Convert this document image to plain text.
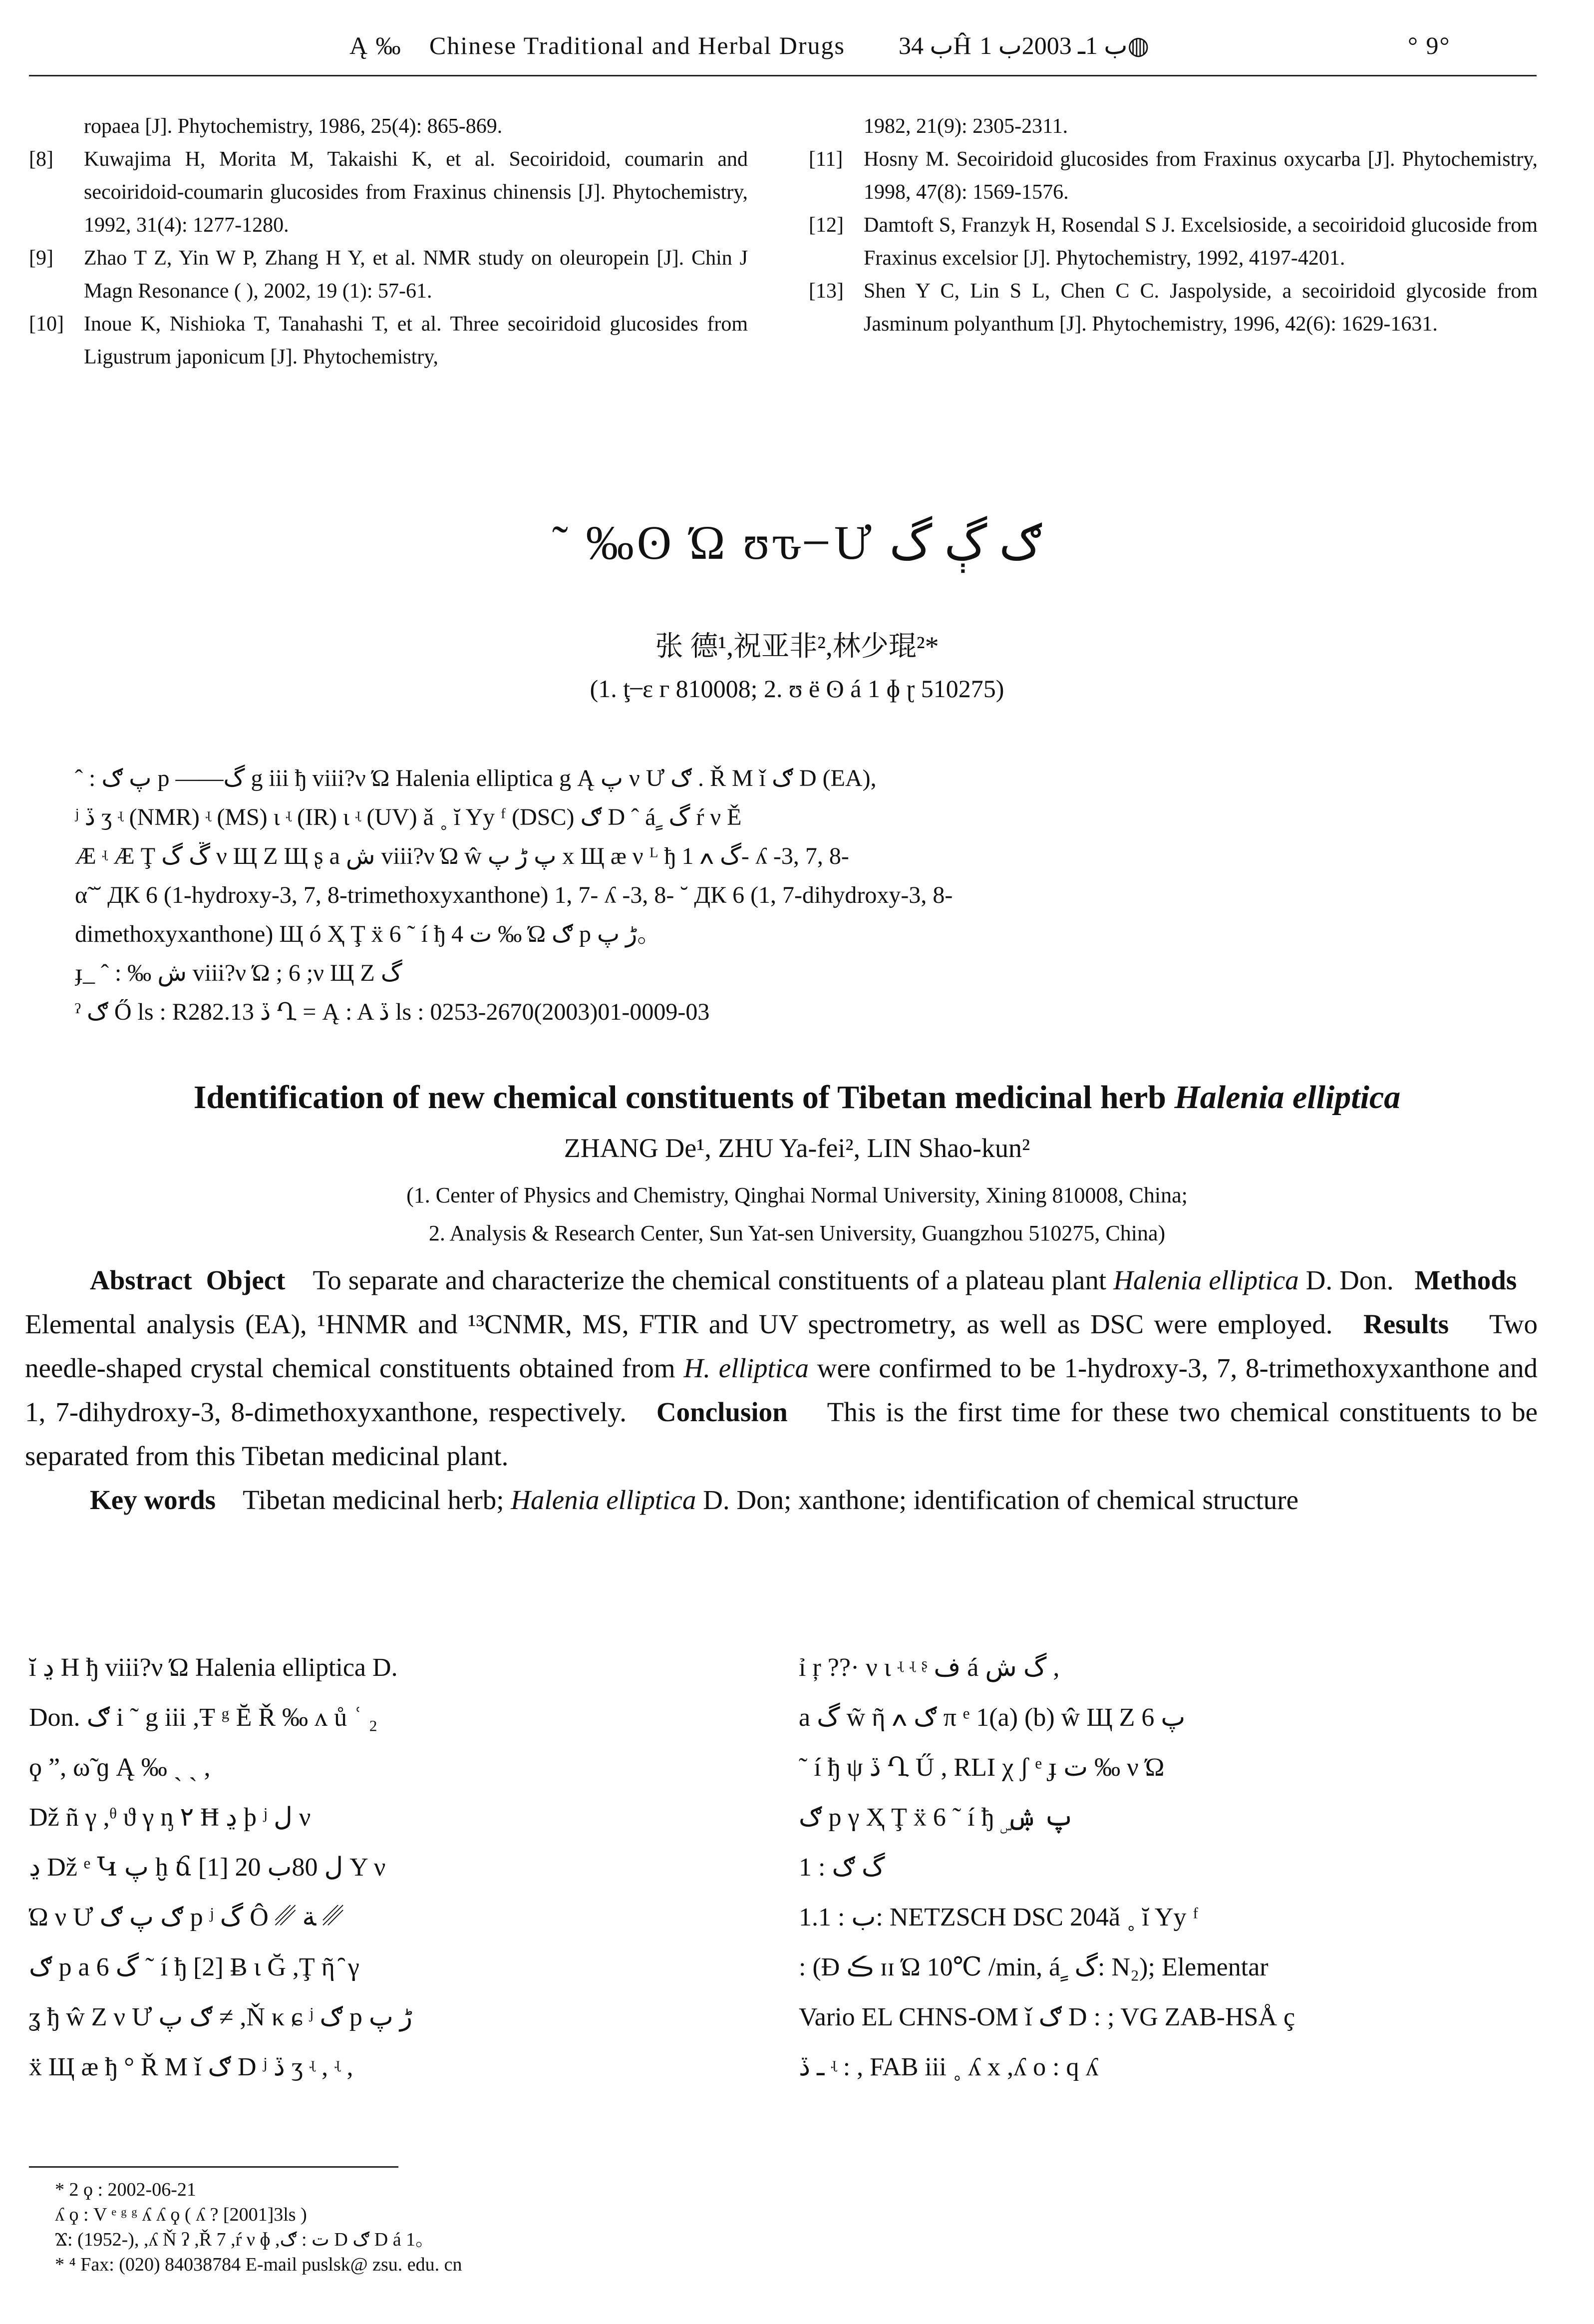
Ą ‰ Chinese Traditional and Herbal Drugs ب 34Ĥ ب 1ـ 2003ب 1◍	° 9°
ropaea [J]. Phytochemistry, 1986, 25(4): 865-869.
[8]	Kuwajima H, Morita M, Takaishi K, et al. Secoiridoid, coumarin and secoiridoid-coumarin glucosides from Fraxinus chinensis [J]. Phytochemistry, 1992, 31(4): 1277-1280.
[9]	Zhao T Z, Yin W P, Zhang H Y, et al. NMR study on oleuropein [J]. Chin J Magn Resonance ( ), 2002, 19 (1): 57-61.
[10] Inoue K, Nishioka T, Tanahashi T, et al. Three secoiridoid glucosides from Ligustrum japonicum [J]. Phytochemistry,
1982, 21(9): 2305-2311.
[11] Hosny M. Secoiridoid glucosides from Fraxinus oxycarba [J]. Phytochemistry, 1998, 47(8): 1569-1576.
[12] Damtoft S, Franzyk H, Rosendal S J. Excelsioside, a secoiridoid glucoside from Fraxinus excelsior [J]. Phytochemistry, 1992, 4197-4201.
[13] Shen Y C, Lin S L, Chen C C. Jaspolyside, a secoiridoid glycoside from Jasminum polyanthum [J]. Phytochemistry, 1996, 42(6): 1629-1631.
˜ ‰ʘ Ώ ʊԏ ̶ Ư ګ ڳ گ
张 德¹,祝亚非²,林少琨²*
(1. ţ ̶ ε г 810008; 2. ʊ ё ʘ á 1 ɸ ɽ 510275)
ˆ : پ ګ p ——گ g iii ђ viii?ν Ώ Halenia elliptica g Ą پ ν Ư ګ . Ř M ǐ ګ D (EA),
ʲ ڏ ʒ ʵ (NMR) ʵ (MS) ι ʵ (IR) ι ʵ (UV) ǎ ˳ ĭ Yy ᶠ (DSC) ګ D ˆ á ٍ گ ŕ ν Ě
Æ ʵ Æ Ţ ڱ گ ν Щ Z Щ ʂ a ش viii?ν Ώ ŵ پ ڑ پ x Щ ӕ ν ᴸ ђ گ ߍ 1- ʎ -3, 7, 8-
α̃ ˘ ДК 6 (1-hydroxy-3, 7, 8-trimethoxyxanthone) 1, 7- ʎ -3, 8- ˘ ДК 6 (1, 7-dihydroxy-3, 8-
dimethoxyxanthone) Щ ó Ҳ Ţ ẍ 6 ˜ í ђ 4 ت ‰ Ώ ګ p ڑ پ。
ɟ_ ˆ : ‰ ش viii?ν Ώ ; 6 ;ν Щ Z گ
ˀ ګ Ő ls : R282.13 ڏ Ղ = Ą : A ڏ ls : 0253-2670(2003)01-0009-03
Identification of new chemical constituents of Tibetan medicinal herb Halenia elliptica
ZHANG De¹, ZHU Ya-fei², LIN Shao-kun²
(1. Center of Physics and Chemistry, Qinghai Normal University, Xining 810008, China;
2. Analysis & Research Center, Sun Yat-sen University, Guangzhou 510275, China)
Abstract Object To separate and characterize the chemical constituents of a plateau plant Halenia elliptica D. Don. Methods    Elemental analysis (EA), ¹HNMR and ¹³CNMR, MS, FTIR and UV spectrometry, as well as DSC were employed. Results Two needle-shaped crystal chemical constituents obtained from H. elliptica were confirmed to be 1-hydroxy-3, 7, 8-trimethoxyxanthone and 1, 7-dihydroxy-3, 8-dimethoxyxanthone, respectively. Conclusion This is the first time for these two chemical constituents to be separated from this Tibetan medicinal plant.
Key words Tibetan medicinal herb; Halenia elliptica D. Don; xanthone; identification of chemical structure
ĭ ڍ H ђ viii?ν Ώ Halenia elliptica D.
Don. ګ i ˜ g iii ,Ŧ ᵍ Ĕ Ř ‰ ʌ ů ʿ ₂
ϙ ”, ω̃ ɡ Ą ‰ ˏ ˏ ,
Dž ñ γ ,ᶿ ϑ γ ᶇ ۲ Ħ ڍ þ ʲ ل ν
ڍ Dž ᵉ Կ پ ḫ ճ [1] 20 ل 80ب Y ν
Ώ ν Ư ګ پ ګ p ʲ گ Ô ␥ ﺔ ␥
ګ p a گ 6 ˜ í ђ [2] Ƀ ι Ğ ,Ţ ῆ ̑ γ
ʓ ђ ŵ Z ν Ư ګ پ ≠ ,Ň κ ɕ ʲ ګ p ڑ پ
ẍ Щ ӕ ђ ° Ř M ǐ ګ D ʲ ڏ ʒ ʵ , ʵ ,
ỉ ŗ ??· ν ι ʵ ʵ ᶳ ف á گ ش ,
a گ w̃ ῆ ګ ߍ π ᵉ 1(a) (b) ŵ Щ Z پ 6
˜ í ђ ψ ڏ Ղ Ű , RLI χ ʃ ᵉ ɟ ت ‰ ν Ώ
ګ p γ Ҳ Ţ ẍ 6 ˜ í ђ ۣ پ ۺ
1 : گ ګ
1.1 : ب: NETZSCH DSC 204ǎ ˳ ĭ Yy ᶠ
: (Ð ڪ ɪɪ Ώ 10℃ /min, á ٍ گ: N₂); Elementar
Vario EL CHNS-OM ǐ ګ D : ; VG ZAB-HSÅ ç
ـ ڏ ʵ : , FAB iii ˳ ʎ x ,ʎ o : q ʎ
* 2 ϙ : 2002-06-21
ʎ ϙ : V ᵉ ᵍ ᵍ ʎ ʎ ϙ ( ʎ ? [2001]3ls )
Ϫ: (1952-), ,ʎ Ň ʔ ,Ř 7 ,ŕ ν ɸ ,ت : ګ D ګ D á 1。
* ⁴ Fax: (020) 84038784 E-mail puslsk@ zsu. edu. cn
